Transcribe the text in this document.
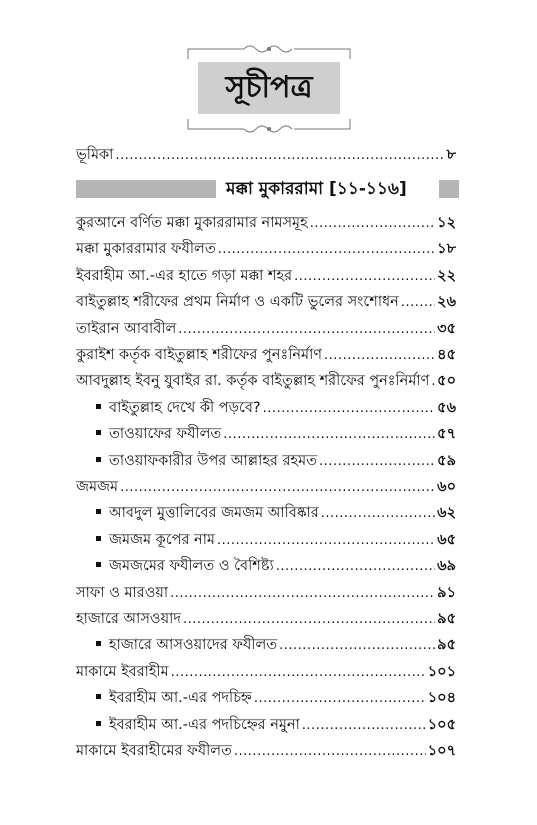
সূচীপত্র
ভূমিকা .....	৮
মক্কা মুকাররামা [১১-১১৬]
কুরআনে বর্ণিত মক্কা মুকাররামার নামসমূহ .....	১২
মক্কা মুকাররামার ফযীলত .....	১৮
ইবরাহীম আ.-এর হাতে গড়া মক্কা শহর .....	২২
বাইতুল্লাহ শরীফের প্রথম নির্মাণ ও একটি ভুলের সংশোধন .....	২৬
তাইরান আবাবীল .....	৩৫
কুরাইশ কর্তৃক বাইতুল্লাহ শরীফের পুনঃনির্মাণ .....	৪৫
আবদুল্লাহ ইবনু যুবাইর রা. কর্তৃক বাইতুল্লাহ শরীফের পুনঃনির্মাণ ..... ৫০
বাইতুল্লাহ দেখে কী পড়বে? .....	৫৬
তাওয়াফের ফযীলত .....	৫৭
তাওয়াফকারীর উপর আল্লাহর রহমত .....	৫৯
জমজম .....	৬০
আবদুল মুত্তালিবের জমজম আবিষ্কার .....	৬২
জমজম কূপের নাম .....	৬৫
জমজমের ফযীলত ও বৈশিষ্ট্য .....	৬৯
সাফা ও মারওয়া .....	৯১
হাজারে আসওয়াদ .....	৯৫
হাজারে আসওয়াদের ফযীলত .....	৯৫
মাকামে ইবরাহীম .....	১০১
ইবরাহীম আ.-এর পদচিহ্ন .....	১০৪
ইবরাহীম আ.-এর পদচিহ্নের নমুনা .....	১০৫
মাকামে ইবরাহীমের ফযীলত .....	১০৭
